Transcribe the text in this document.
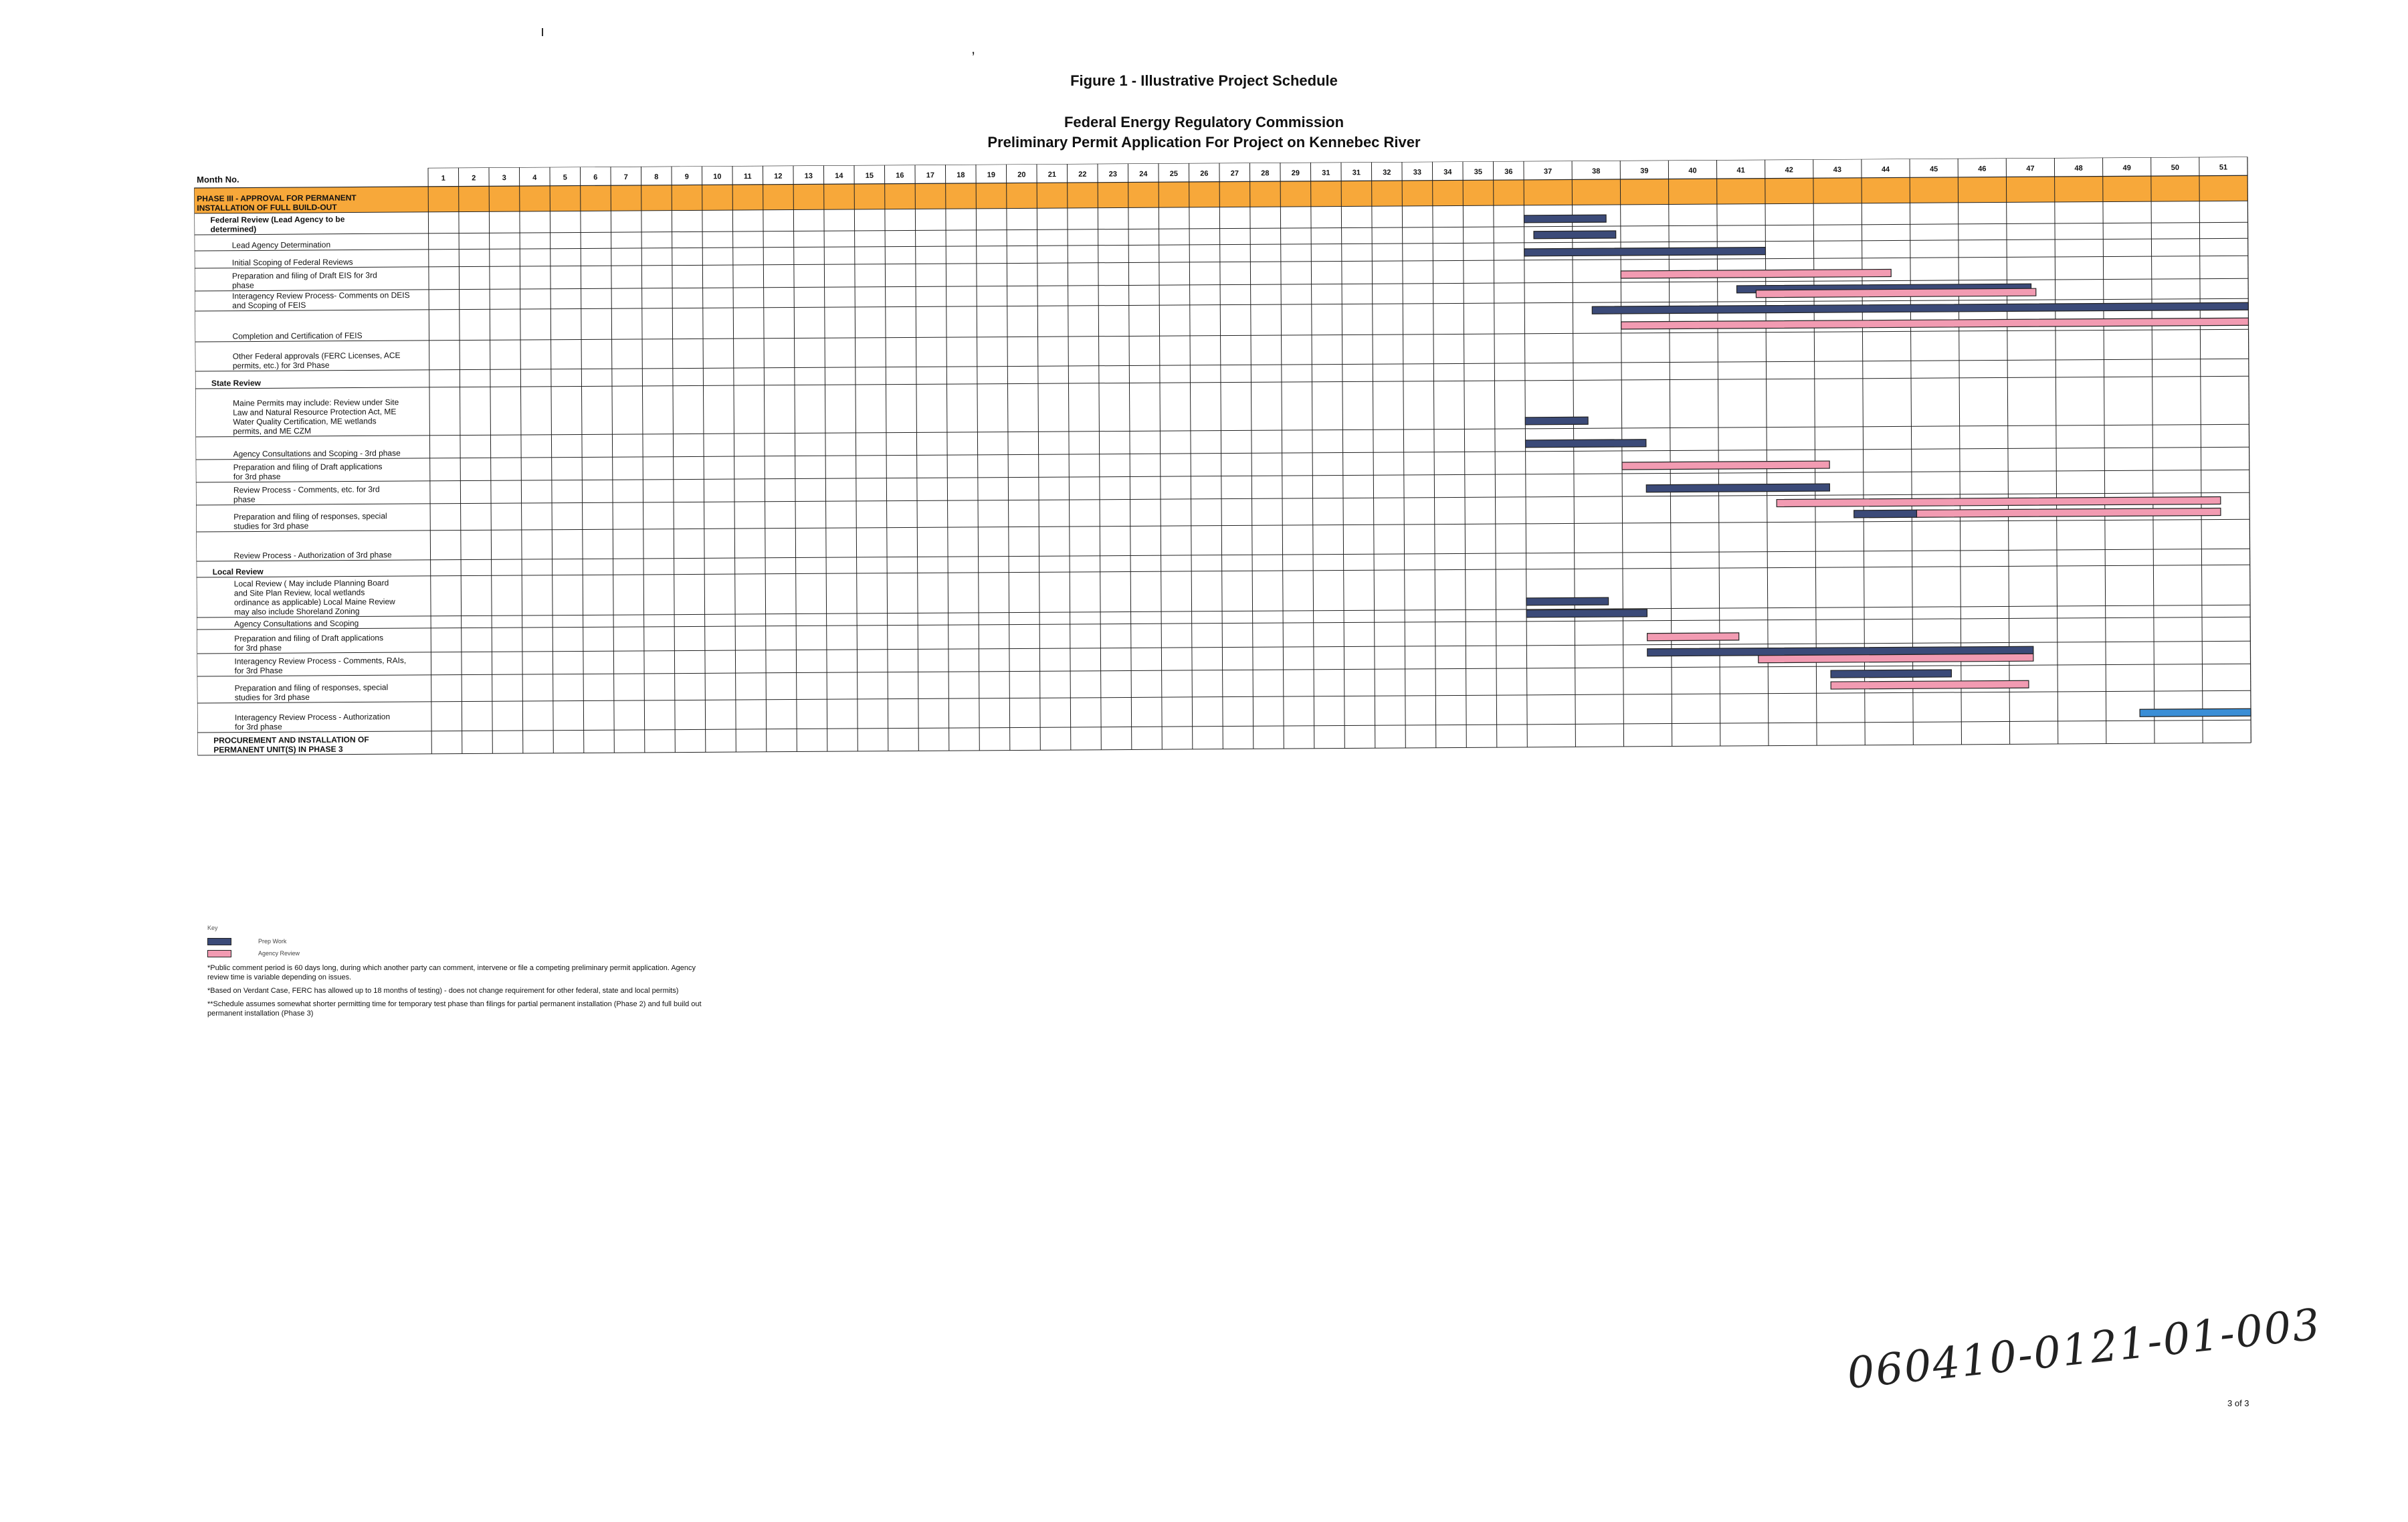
ı
,
Figure 1 - Illustrative Project Schedule
Federal Energy Regulatory Commission
Preliminary Permit Application For Project on Kennebec River
Month No.	1	2	3	4	5	6	7	8	9	10	11	12	13	14	15	16	17	18	19	20	21	22	23	24	25	26	27	28	29	31	31	32	33	34	35	36	37	38	39	40	41	42	43	44	45	46	47	48	49	50	51
PHASE III - APPROVAL FOR PERMANENT INSTALLATION OF FULL BUILD-OUT
Federal Review (Lead Agency to be determined)
Lead Agency Determination
Initial Scoping of Federal Reviews
Preparation and filing of Draft EIS for 3rd phase
Interagency Review Process- Comments on DEIS and Scoping of FEIS
Completion and Certification of FEIS
Other Federal approvals (FERC Licenses, ACE permits, etc.) for 3rd Phase
State Review
Maine Permits may include: Review under Site Law and Natural Resource Protection Act, ME Water Quality Certification, ME wetlands permits, and ME CZM
Agency Consultations and Scoping - 3rd phase
Preparation and filing of Draft applications for 3rd phase
Review Process - Comments, etc. for 3rd phase
Preparation and filing of responses, special studies for 3rd phase
Review Process - Authorization of 3rd phase
Local Review
Local Review ( May include Planning Board and Site Plan Review, local wetlands ordinance as applicable) Local Maine Review may also include Shoreland Zoning
Agency Consultations and Scoping
Preparation and filing of Draft applications for 3rd phase
Interagency Review Process - Comments, RAIs, for 3rd Phase
Preparation and filing of responses, special studies for 3rd phase
Interagency Review Process - Authorization for 3rd phase
PROCUREMENT AND INSTALLATION OF PERMANENT UNIT(S) IN PHASE 3
Key
Prep Work
Agency Review
*Public comment period is 60 days long, during which another party can comment, intervene or file a competing preliminary permit application. Agency review time is variable depending on issues.
*Based on Verdant Case, FERC has allowed up to 18 months of testing) - does not change requirement for other federal, state and local permits)
**Schedule assumes somewhat shorter permitting time for temporary test phase than filings for partial permanent installation (Phase 2) and full build out permanent installation (Phase 3)
060410-0121-01-003
3 of 3
